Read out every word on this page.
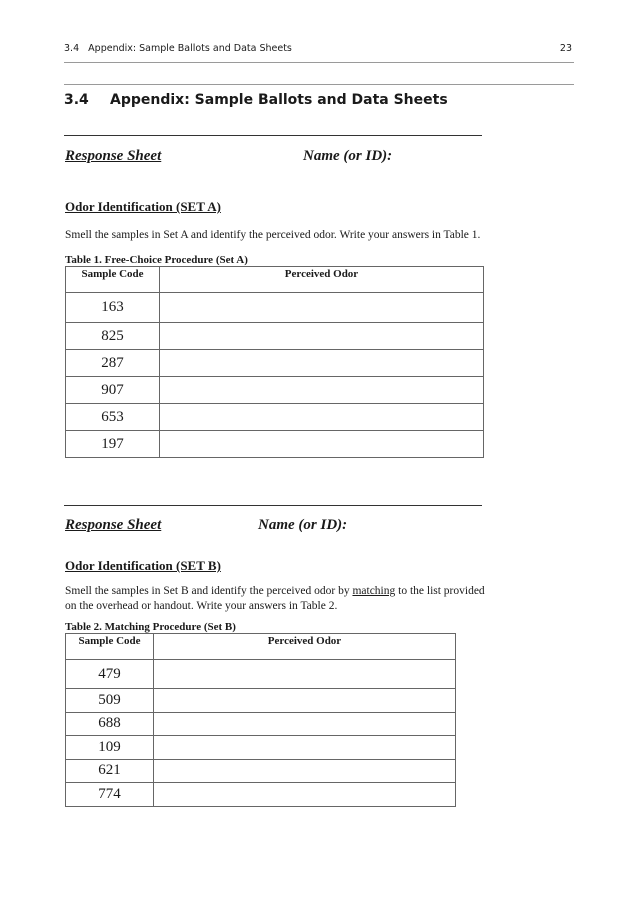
3.4   Appendix: Sample Ballots and Data Sheets	23
3.4 Appendix: Sample Ballots and Data Sheets
Response Sheet	Name (or ID):
Odor Identification (SET A)
Smell the samples in Set A and identify the perceived odor. Write your answers in Table 1.
Table 1. Free-Choice Procedure (Set A)
Sample Code	Perceived Odor
163	
825	
287	
907	
653	
197	
Response Sheet	Name (or ID):
Odor Identification (SET B)
Smell the samples in Set B and identify the perceived odor by matching to the list provided on the overhead or handout. Write your answers in Table 2.
Table 2. Matching Procedure (Set B)
Sample Code	Perceived Odor
479	
509	
688	
109	
621	
774	
